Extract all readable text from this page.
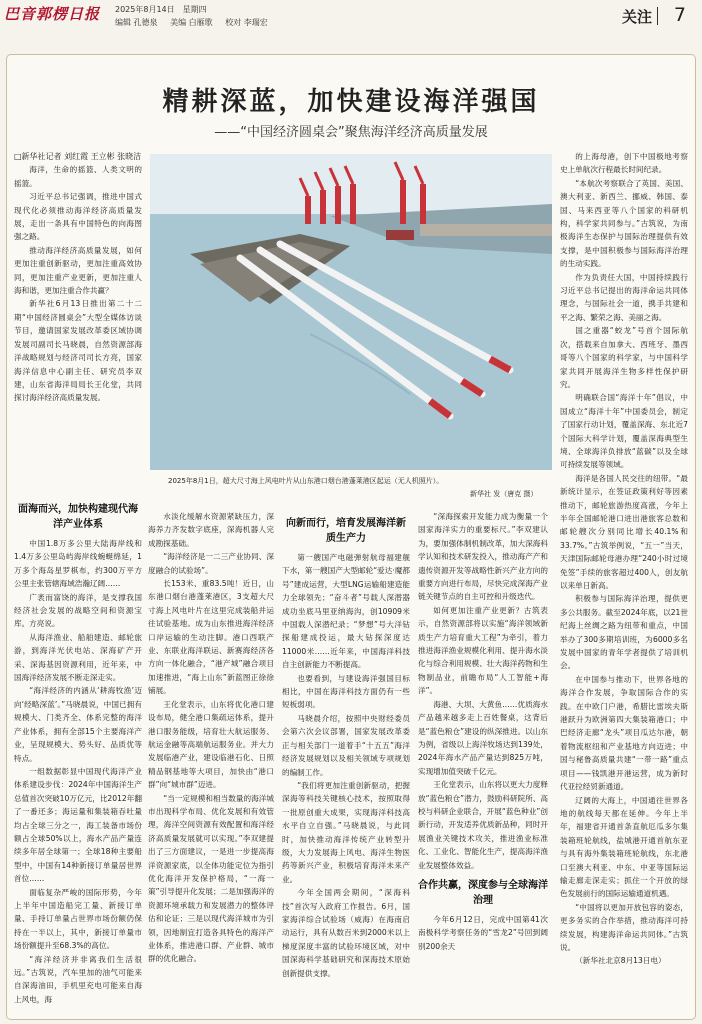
巴音郭楞日报 2025年8月14日　星期四
编辑 孔德泉 美编 白雁歌 校对 李瑞宏	关注 7
精耕深蓝，加快建设海洋强国
——“中国经济圆桌会”聚焦海洋经济高质量发展

□新华社记者 刘红霞 王立彬 张晓洁

海洋，生命的摇篮、人类文明的摇篮。

习近平总书记强调，推进中国式现代化必须推动海洋经济高质量发展，走出一条具有中国特色的向海图强之路。

推动海洋经济高质量发展，如何更加注重创新驱动，更加注重高效协同，更加注重产业更新，更加注重人海和谐，更加注重合作共赢？

新华社6月13日推出第二十二期“中国经济圆桌会”大型全媒体访谈节目，邀请国家发展改革委区域协调发展司副司长马晓晨，自然资源部海洋战略规划与经济司司长方亮，国家海洋信息中心副主任、研究员李双建，山东省海洋局局长王化堂，共同探讨海洋经济高质量发展。

2025年8月1日，超大尺寸海上风电叶片从山东港口烟台港蓬莱港区起运（无人机照片）。
新华社 发（唐克 摄）
面海而兴，加快构建现代海洋产业体系

中国1.8万多公里大陆海岸线和1.4万多公里岛屿海岸线蜿蜒绵延，1万多个海岛星罗棋布，约300万平方公里主张管辖海域浩瀚辽阔……

广袤而富饶的海洋，是支撑我国经济社会发展的战略空间和资源宝库。方亮说。

从海洋渔业、船舶建造、邮轮旅游，到海洋光伏电站、深海矿产开采、深海基因资源利用，近年来，中国海洋经济发展不断走深走实。

“海洋经济的内涵从‘耕海牧渔’迈向‘经略深蓝’。”马晓晨说，中国已拥有规模大、门类齐全、体系完整的海洋产业体系，拥有全部15个主要海洋产业，呈现规模大、势头好、品质优等特点。

一组数据彰显中国现代海洋产业体系建设步伐：2024年中国海洋生产总值首次突破10万亿元，比2012年翻了一番还多；海运量和集装箱吞吐量均占全球三分之一，海工装备市场份额占全球50%以上，海水产品产量连续多年居全球第一；全球18种主要船型中，中国有14种新接订单量居世界首位……

面临复杂严峻的国际形势，今年上半年中国造船完工量、新接订单量、手持订单量占世界市场份额仍保持在一半以上，其中，新接订单量市场份额提升至68.3%的高位。

“海洋经济并非离我们生活很远。”古筑说，汽车里加的油气可能来自深海油田，手机里充电可能来自海上风电，海

水淡化缓解水资源紧缺压力，深海养力齐发数字底座，深海机器人完成勘探基础。

“海洋经济是一二三产业协同、深度融合的试验场”。

长153米、重83.5吨！近日，山东港口烟台港蓬莱港区，3支超大尺寸海上风电叶片在这里完成装船并运往试验基地。成为山东推进海洋经济口岸运输的生动注脚。港口西联产业、东联业海洋联运、新赛海经济各方向一体化融合，“港产城”融合项目加速推进，“海上山东”新蓝图正徐徐铺展。

王化堂表示，山东将优化港口建设布局，健全港口集疏运体系，提升港口服务能级，培育壮大航运服务、航运金融等高端航运服务业。并大力发展临港产业，建设临港石化、日照精品钢基地等大项目，加快由“港口群”向“城市群”迈进。

“当一定规模和相当数量的海洋城市出现科学布局、优化发展和有效管理，海洋空间资源有效配置和海洋经济高质量发展就可以实现。”李双建提出了三方面建议，一是进一步提高海洋资源家底，以全体功能定位为指引优化海洋开发保护格局，“一海一策”引导提升化发展；二是加强海洋的资源环境承载力和发展潜力的整体评估和论证；三是以现代海洋城市为引领，因地制宜打造各具特色的海洋产业体系，推进港口群、产业群、城市群的优化融合。

向新而行，培育发展海洋新质生产力

第一艘国产电磁弹射航母福建舰下水，第一艘国产大型邮轮“爱达·魔都号”建成运营，大型LNG运输船建造能力全球领先；“奋斗者”号载人深潜器成功坐底马里亚纳海沟，创10909米中国载人深潜纪录；“梦想”号大洋钻探船建成投运，最大钻探深度达11000米……近年来，中国海洋科技自主创新能力不断提高。

也要看到，与建设海洋强国目标相比，中国在海洋科技方面仍有一些短板弱项。

马晓晨介绍，按照中央财经委员会第六次会议部署，国家发展改革委正与相关部门一道着手“十五五”海洋经济发展规划以及相关领域专项规划的编制工作。

“我们将更加注重创新驱动，把握深海等科技关键核心技术，按照取得一批原创重大成果，实现海洋科技高水平自立自强。”马晓晨说，与此同时，加快推动海洋传统产业转型升级，大力发展海上风电、海洋生物医药等新兴产业，积极培育海洋未来产业。

今年全国两会期间，“深海科技”首次写入政府工作报告。6月，国家海洋综合试验场（威海）在海南启动运行，具有从数百米到2000米以上梯度深度丰富的试验环境区域，对中国深海科学基础研究和深海技术原始创新提供支撑。

“深海探索开发能力成为衡量一个国家海洋实力的重要标尺。”李双建认为，要加强体制机制改革，加大深海科学认知和技术研发投入，推动海产产和遗传资源开发等战略性新兴产业方向的重要方向进行布局，尽快完成深海产业链关键节点的自主可控和升级迭代。

如何更加注重产业更新？古筑表示，自然资源部将以实施“海洋领域新质生产力培育重大工程”为牵引，着力推进海洋渔业规模化利用、提升海水淡化与综合利用规模、壮大海洋药物和生物制品业，前瞻布局“人工智能+海洋”。

海港、大坝、大黄鱼……优质海水产品越来越多走上百姓餐桌，这背后是“蓝色粮仓”建设的纵深推进。以山东为例，省级以上海洋牧场达到139处，2024年海水产品产量达到825万吨，实现增加值突破千亿元。

王化堂表示，山东将以更大力度释放“蓝色粮仓”潜力，鼓励科研院所、高校与科研企业联合，开展“蓝色种业”创新行动，开发适养优质新品种，同时开展渔业关键技术攻关，推进渔业标准化、工业化、智能化生产，提高海洋渔业发展整体效益。

合作共赢，深度参与全球海洋治理

今年6月12日，完成中国第41次南极科学考察任务的“雪龙2”号回到阔别200余天

的上海母港，创下中国极地考察史上单航次行程最长时间纪录。

“本航次考察联合了英国、美国、澳大利亚、新西兰、挪威、韩国、泰国、马来西亚等八个国家的科研机构，科学家共同参与。”古筑说，为南极海洋生态保护与国际治理提供有效支撑，是中国积极参与国际海洋治理的生动实践。

作为负责任大国，中国持续践行习近平总书记提出的海洋命运共同体理念，与国际社会一道，携手共建和平之海、繁荣之海、美丽之海。

国之重器“蛟龙”号首个国际航次，搭载来自加拿大、西班牙、墨西哥等八个国家的科学家，与中国科学家共同开展海洋生物多样性保护研究。

明确联合国“海洋十年”倡议，中国成立“海洋十年”中国委员会，制定了国家行动计划，覆盖深海、东北近7个国际大科学计划，覆盖深海典型生境、全球海洋负排放“蓝碳”以及全球可持续发展等领域。

海洋是各国人民交往的纽带。“最新统计显示，在签证政策利好等因素推动下，邮轮旅游热度高涨，今年上半年全国邮轮港口进出港旅客总数和邮轮艘次分别同比增长40.1%和33.7%。”古筑举例说，“五一”当天，天津国际邮轮母港办理“240小时过境免签”手续的旅客超过400人，创友航以来单日新高。

积极参与国际海洋治理，提供更多公共服务。截至2024年底，以21世纪海上丝绸之路为纽带和重点，中国举办了300多期培训班，为6000多名发展中国家的青年学者提供了培训机会。

在中国参与推动下，世界各地的海洋合作发展，争取国际合作的实践。在中欧门户港，希腊比雷埃夫斯港跃升为欧洲第四大集装箱港口；中巴经济走廊“龙头”项目瓜达尔港，朝着物流枢纽和产业基地方向迈进；中国与秘鲁高质量共建“一带一路”重点项目——钱凯港开港运营，成为新时代亚拉经贸新通道。

辽阔的大海上，中国通往世界各地的航线每天都在延伸。今年上半年，福建省开通首条直航厄瓜多尔集装箱班轮航线，盐城港开通首航东亚与具有海外集装箱班轮航线，东北港口至澳大利亚、中东、中亚等国际运输走廊走深走实；抓住一个开放的绿色发展前行的国际运输通道机遇。

“中国将以更加开放包容的姿态，更多务实的合作举措，推动海洋可持续发展，构建海洋命运共同体。”古筑说。

（新华社北京8月13日电）
